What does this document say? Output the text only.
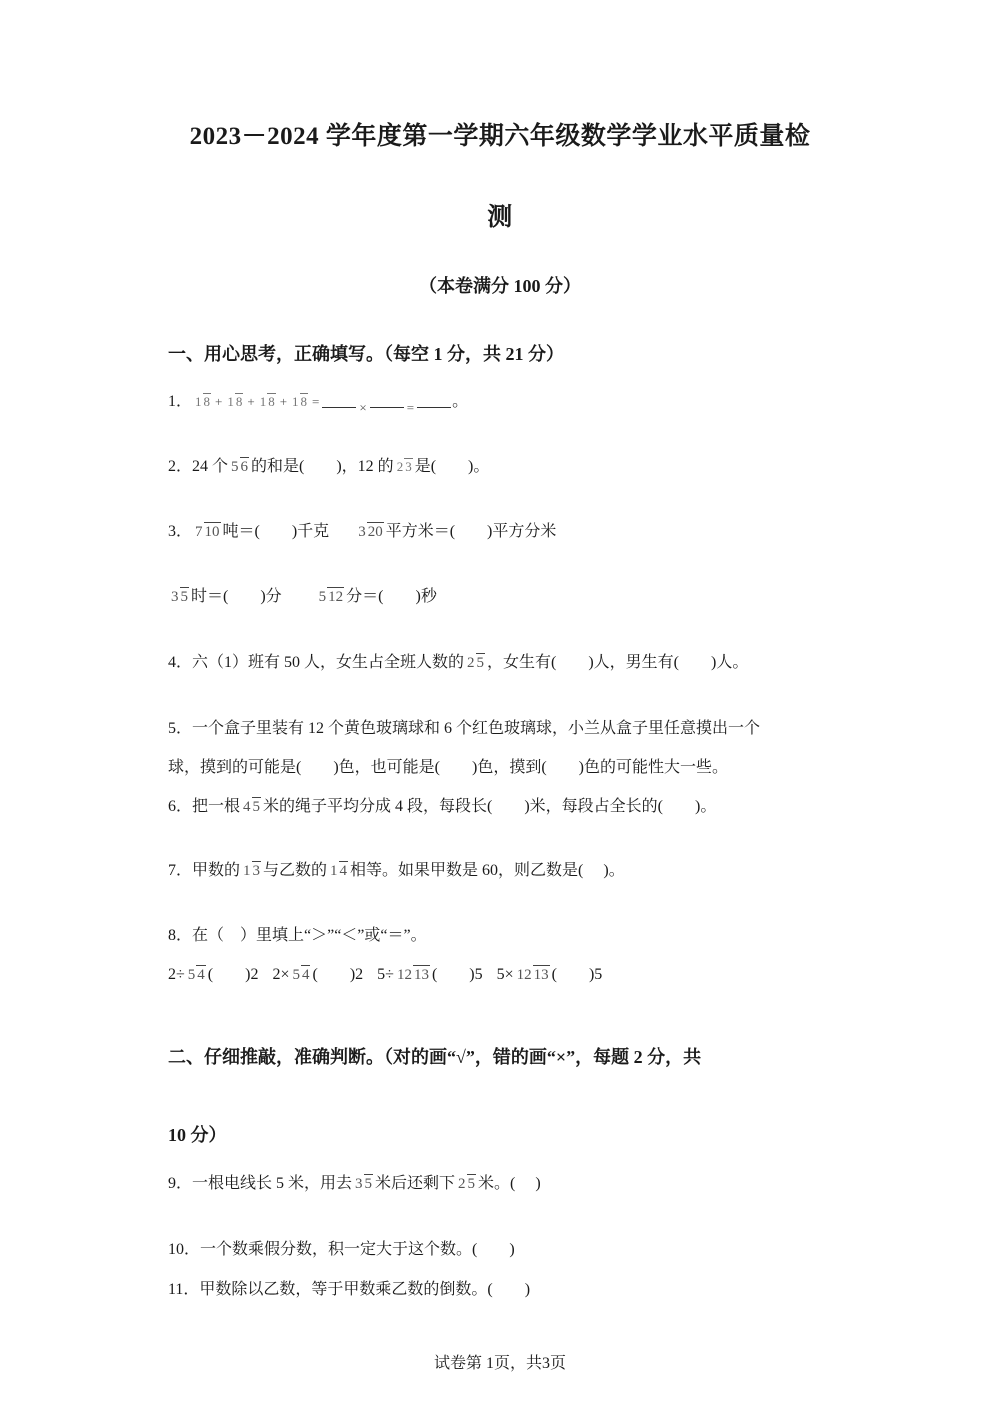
2023－2024 学年度第一学期六年级数学学业水平质量检
测
（本卷满分 100 分）
一、用心思考，正确填写。（每空 1 分，共 21 分）
1． 1 8 + 1 8 + 1 8 + 1 8 =	×	= 。
2．24 个 5 6 的和是(　　)，12 的 2 3 是(　　)。
3． 7 10 吨＝(　　)千克 3 20 平方米＝(　　)平方分米
3 5 时＝(　　)分 5 12 分＝(　　)秒
4．六（1）班有 50 人，女生占全班人数的 2 5 ，女生有(　　)人，男生有(　　)人。
5．一个盒子里装有 12 个黄色玻璃球和 6 个红色玻璃球，小兰从盒子里任意摸出一个
球，摸到的可能是(　　)色，也可能是(　　)色，摸到(　　)色的可能性大一些。
6．把一根 4 5 米的绳子平均分成 4 段，每段长(　　)米，每段占全长的(　　)。
7．甲数的 1 3 与乙数的 1 4 相等。如果甲数是 60，则乙数是(　 )。
8．在（　）里填上“＞”“＜”或“＝”。
2÷ 5 4 (　　)2 2× 5 4 (　　)2 5÷ 12 13 (　　)5 5× 12 13 (　　)5
二、仔细推敲，准确判断。（对的画“√”，错的画“×”，每题 2 分，共
10 分）
9．一根电线长 5 米，用去 3 5 米后还剩下 2 5 米。( 　)
10．一个数乘假分数，积一定大于这个数。(　　)
11．甲数除以乙数，等于甲数乘乙数的倒数。(　　)
试卷第 1页，共3页
